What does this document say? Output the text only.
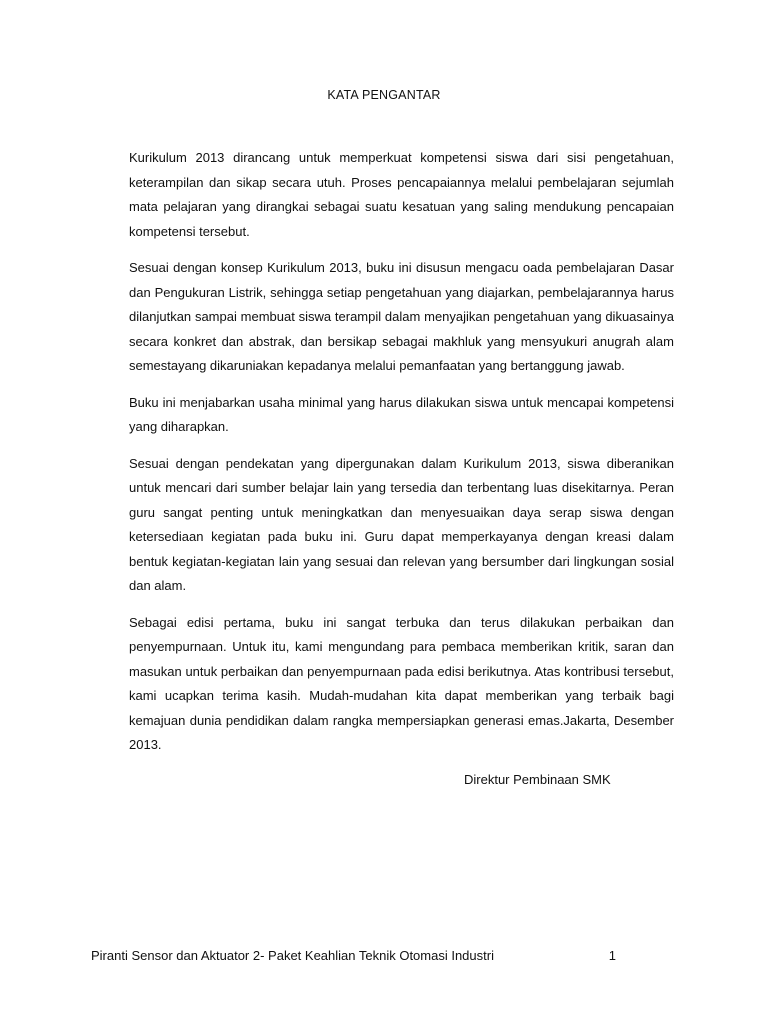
KATA PENGANTAR

Kurikulum 2013 dirancang untuk memperkuat kompetensi siswa dari sisi pengetahuan, keterampilan dan sikap secara utuh. Proses pencapaiannya melalui pembelajaran sejumlah mata pelajaran yang dirangkai sebagai suatu kesatuan yang saling mendukung pencapaian kompetensi tersebut.

Sesuai dengan konsep Kurikulum 2013, buku ini disusun mengacu oada pembelajaran Dasar dan Pengukuran Listrik, sehingga setiap pengetahuan yang diajarkan, pembelajarannya harus dilanjutkan sampai membuat siswa terampil dalam menyajikan pengetahuan yang dikuasainya secara konkret dan abstrak, dan bersikap sebagai makhluk yang mensyukuri anugrah alam semestayang dikaruniakan kepadanya melalui pemanfaatan yang bertanggung jawab.

Buku ini menjabarkan usaha minimal yang harus dilakukan siswa untuk mencapai kompetensi yang diharapkan.

Sesuai dengan pendekatan yang dipergunakan dalam Kurikulum 2013, siswa diberanikan untuk mencari dari sumber belajar lain yang tersedia dan terbentang luas disekitarnya. Peran guru sangat penting untuk meningkatkan dan menyesuaikan daya serap siswa dengan ketersediaan kegiatan pada buku ini. Guru dapat memperkayanya dengan kreasi dalam bentuk kegiatan-kegiatan lain yang sesuai dan relevan yang bersumber dari lingkungan sosial dan alam.

Sebagai edisi pertama, buku ini sangat terbuka dan terus dilakukan perbaikan dan penyempurnaan. Untuk itu, kami mengundang para pembaca memberikan kritik, saran dan masukan untuk perbaikan dan penyempurnaan pada edisi berikutnya. Atas kontribusi tersebut, kami ucapkan terima kasih. Mudah-mudahan kita dapat memberikan yang terbaik bagi kemajuan dunia pendidikan dalam rangka mempersiapkan generasi emas.Jakarta, Desember 2013.

Direktur Pembinaan SMK
Piranti Sensor dan Aktuator 2- Paket Keahlian Teknik Otomasi Industri	1
